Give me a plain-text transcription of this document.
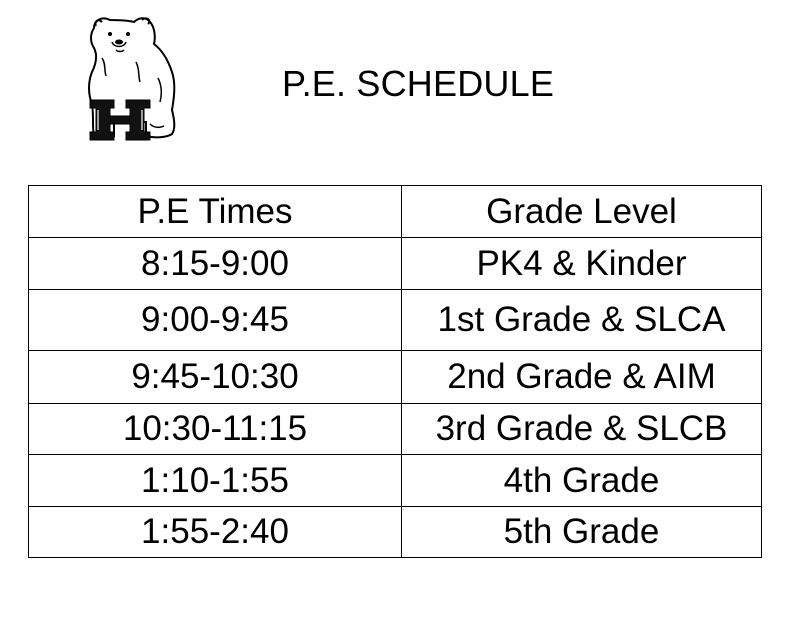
P.E. SCHEDULE
P.E Times	Grade Level
8:15-9:00	PK4 & Kinder
9:00-9:45	1st Grade & SLCA
9:45-10:30	2nd Grade & AIM
10:30-11:15	3rd Grade & SLCB
1:10-1:55	4th Grade
1:55-2:40	5th Grade
